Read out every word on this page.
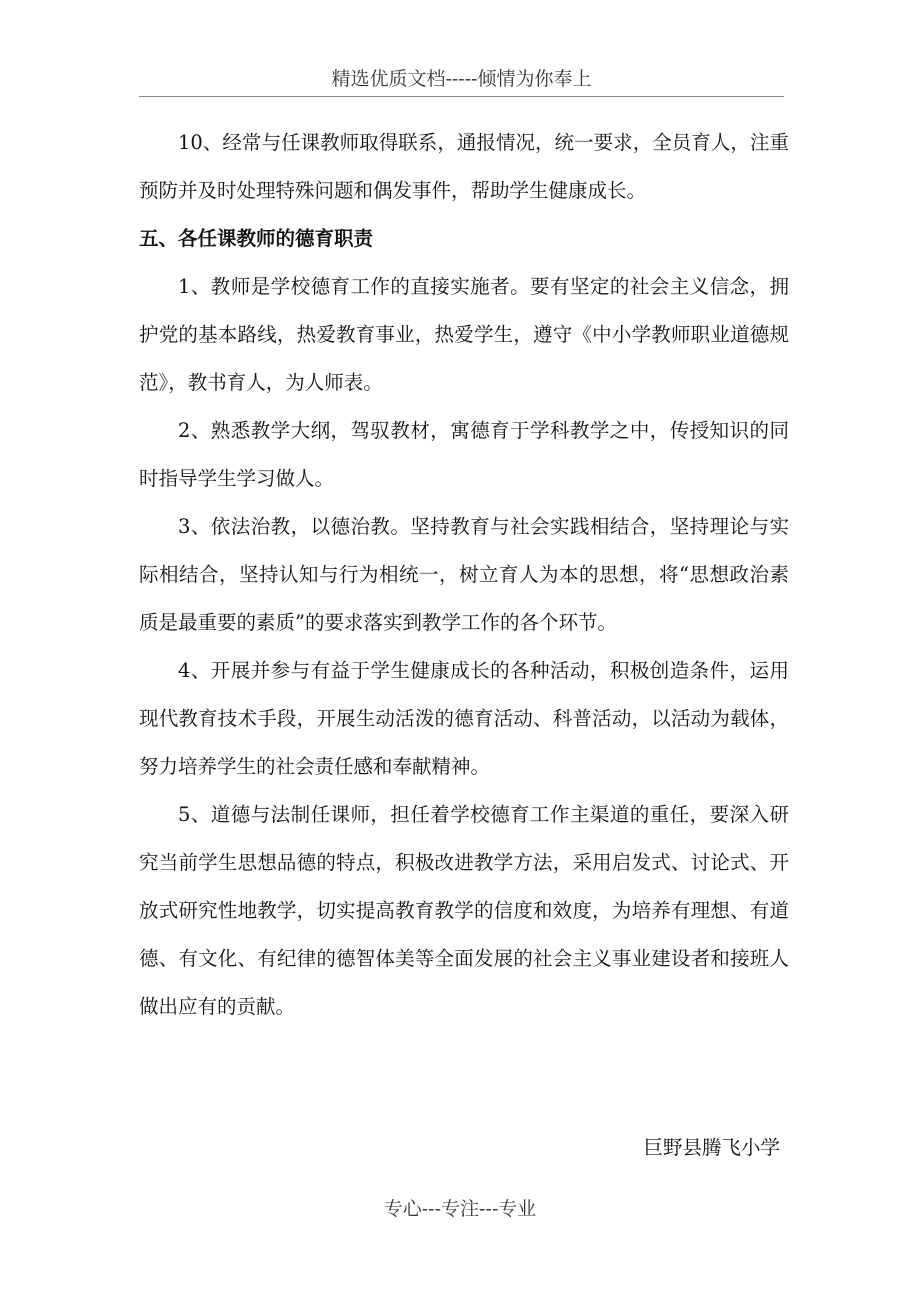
精选优质文档-----倾情为你奉上

10、经常与任课教师取得联系，通报情况，统一要求，全员育人，注重预防并及时处理特殊问题和偶发事件，帮助学生健康成长。

五、各任课教师的德育职责

1、教师是学校德育工作的直接实施者。要有坚定的社会主义信念，拥护党的基本路线，热爱教育事业，热爱学生，遵守《中小学教师职业道德规范》，教书育人，为人师表。

2、熟悉教学大纲，驾驭教材，寓德育于学科教学之中，传授知识的同时指导学生学习做人。

3、依法治教，以德治教。坚持教育与社会实践相结合，坚持理论与实际相结合，坚持认知与行为相统一，树立育人为本的思想，将“思想政治素质是最重要的素质”的要求落实到教学工作的各个环节。

4、开展并参与有益于学生健康成长的各种活动，积极创造条件，运用现代教育技术手段，开展生动活泼的德育活动、科普活动，以活动为载体，努力培养学生的社会责任感和奉献精神。

5、道德与法制任课师，担任着学校德育工作主渠道的重任，要深入研究当前学生思想品德的特点，积极改进教学方法，采用启发式、讨论式、开放式研究性地教学，切实提高教育教学的信度和效度，为培养有理想、有道德、有文化、有纪律的德智体美等全面发展的社会主义事业建设者和接班人做出应有的贡献。

巨野县腾飞小学
专心---专注---专业
